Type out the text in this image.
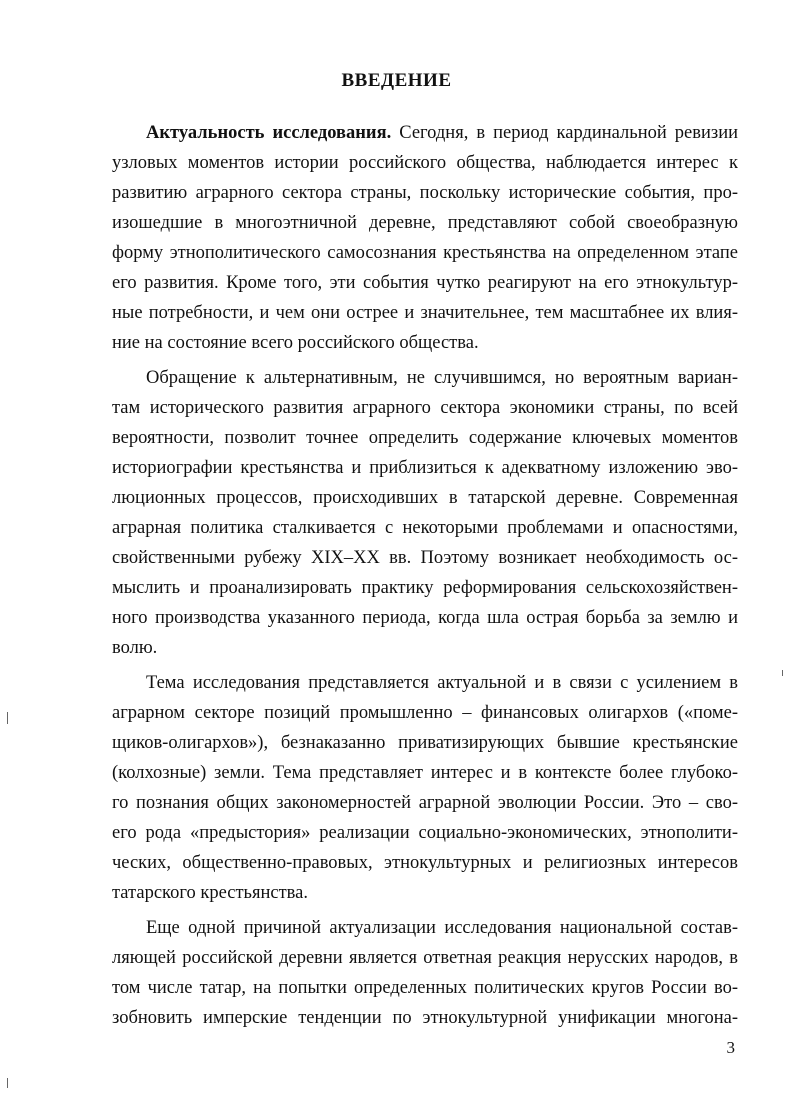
ВВЕДЕНИЕ
Актуальность исследования. Сегодня, в период кардинальной ревизии
узловых моментов истории российского общества, наблюдается интерес к
развитию аграрного сектора страны, поскольку исторические события, про-
изошедшие в многоэтничной деревне, представляют собой своеобразную
форму этнополитического самосознания крестьянства на определенном этапе
его развития. Кроме того, эти события чутко реагируют на его этнокультур-
ные потребности, и чем они острее и значительнее, тем масштабнее их влия-
ние на состояние всего российского общества.
Обращение к альтернативным, не случившимся, но вероятным вариан-
там исторического развития аграрного сектора экономики страны, по всей
вероятности, позволит точнее определить содержание ключевых моментов
историографии крестьянства и приблизиться к адекватному изложению эво-
люционных процессов, происходивших в татарской деревне. Современная
аграрная политика сталкивается с некоторыми проблемами и опасностями,
свойственными рубежу XIX–XX вв. Поэтому возникает необходимость ос-
мыслить и проанализировать практику реформирования сельскохозяйствен-
ного производства указанного периода, когда шла острая борьба за землю и
волю.
Тема исследования представляется актуальной и в связи с усилением в
аграрном секторе позиций промышленно – финансовых олигархов («поме-
щиков-олигархов»), безнаказанно приватизирующих бывшие крестьянские
(колхозные) земли. Тема представляет интерес и в контексте более глубоко-
го познания общих закономерностей аграрной эволюции России. Это – сво-
его рода «предыстория» реализации социально-экономических, этнополити-
ческих, общественно-правовых, этнокультурных и религиозных интересов
татарского крестьянства.
Еще одной причиной актуализации исследования национальной состав-
ляющей российской деревни является ответная реакция нерусских народов, в
том числе татар, на попытки определенных политических кругов России во-
зобновить имперские тенденции по этнокультурной унификации многона-
3
